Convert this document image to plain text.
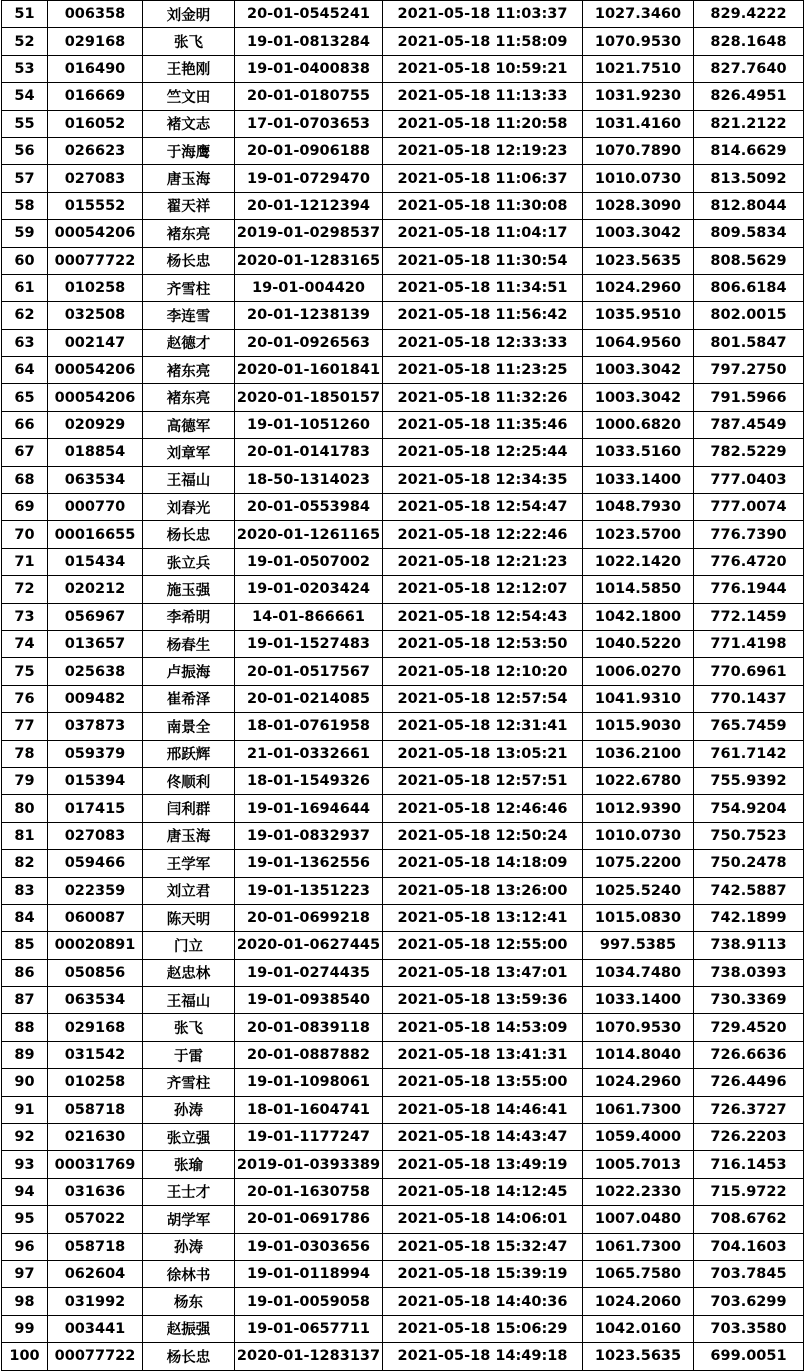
51	006358	刘金明	20-01-0545241	2021-05-18 11:03:37	1027.3460	829.4222
52	029168	张飞	19-01-0813284	2021-05-18 11:58:09	1070.9530	828.1648
53	016490	王艳刚	19-01-0400838	2021-05-18 10:59:21	1021.7510	827.7640
54	016669	竺文田	20-01-0180755	2021-05-18 11:13:33	1031.9230	826.4951
55	016052	褚文志	17-01-0703653	2021-05-18 11:20:58	1031.4160	821.2122
56	026623	于海鹰	20-01-0906188	2021-05-18 12:19:23	1070.7890	814.6629
57	027083	唐玉海	19-01-0729470	2021-05-18 11:06:37	1010.0730	813.5092
58	015552	翟天祥	20-01-1212394	2021-05-18 11:30:08	1028.3090	812.8044
59	00054206	褚东亮	2019-01-0298537	2021-05-18 11:04:17	1003.3042	809.5834
60	00077722	杨长忠	2020-01-1283165	2021-05-18 11:30:54	1023.5635	808.5629
61	010258	齐雪柱	19-01-004420	2021-05-18 11:34:51	1024.2960	806.6184
62	032508	李连雪	20-01-1238139	2021-05-18 11:56:42	1035.9510	802.0015
63	002147	赵德才	20-01-0926563	2021-05-18 12:33:33	1064.9560	801.5847
64	00054206	褚东亮	2020-01-1601841	2021-05-18 11:23:25	1003.3042	797.2750
65	00054206	褚东亮	2020-01-1850157	2021-05-18 11:32:26	1003.3042	791.5966
66	020929	高德军	19-01-1051260	2021-05-18 11:35:46	1000.6820	787.4549
67	018854	刘章军	20-01-0141783	2021-05-18 12:25:44	1033.5160	782.5229
68	063534	王福山	18-50-1314023	2021-05-18 12:34:35	1033.1400	777.0403
69	000770	刘春光	20-01-0553984	2021-05-18 12:54:47	1048.7930	777.0074
70	00016655	杨长忠	2020-01-1261165	2021-05-18 12:22:46	1023.5700	776.7390
71	015434	张立兵	19-01-0507002	2021-05-18 12:21:23	1022.1420	776.4720
72	020212	施玉强	19-01-0203424	2021-05-18 12:12:07	1014.5850	776.1944
73	056967	李希明	14-01-866661	2021-05-18 12:54:43	1042.1800	772.1459
74	013657	杨春生	19-01-1527483	2021-05-18 12:53:50	1040.5220	771.4198
75	025638	卢振海	20-01-0517567	2021-05-18 12:10:20	1006.0270	770.6961
76	009482	崔希泽	20-01-0214085	2021-05-18 12:57:54	1041.9310	770.1437
77	037873	南景全	18-01-0761958	2021-05-18 12:31:41	1015.9030	765.7459
78	059379	邢跃辉	21-01-0332661	2021-05-18 13:05:21	1036.2100	761.7142
79	015394	佟顺利	18-01-1549326	2021-05-18 12:57:51	1022.6780	755.9392
80	017415	闫利群	19-01-1694644	2021-05-18 12:46:46	1012.9390	754.9204
81	027083	唐玉海	19-01-0832937	2021-05-18 12:50:24	1010.0730	750.7523
82	059466	王学军	19-01-1362556	2021-05-18 14:18:09	1075.2200	750.2478
83	022359	刘立君	19-01-1351223	2021-05-18 13:26:00	1025.5240	742.5887
84	060087	陈天明	20-01-0699218	2021-05-18 13:12:41	1015.0830	742.1899
85	00020891	门立	2020-01-0627445	2021-05-18 12:55:00	997.5385	738.9113
86	050856	赵忠林	19-01-0274435	2021-05-18 13:47:01	1034.7480	738.0393
87	063534	王福山	19-01-0938540	2021-05-18 13:59:36	1033.1400	730.3369
88	029168	张飞	20-01-0839118	2021-05-18 14:53:09	1070.9530	729.4520
89	031542	于雷	20-01-0887882	2021-05-18 13:41:31	1014.8040	726.6636
90	010258	齐雪柱	19-01-1098061	2021-05-18 13:55:00	1024.2960	726.4496
91	058718	孙涛	18-01-1604741	2021-05-18 14:46:41	1061.7300	726.3727
92	021630	张立强	19-01-1177247	2021-05-18 14:43:47	1059.4000	726.2203
93	00031769	张瑜	2019-01-0393389	2021-05-18 13:49:19	1005.7013	716.1453
94	031636	王士才	20-01-1630758	2021-05-18 14:12:45	1022.2330	715.9722
95	057022	胡学军	20-01-0691786	2021-05-18 14:06:01	1007.0480	708.6762
96	058718	孙涛	19-01-0303656	2021-05-18 15:32:47	1061.7300	704.1603
97	062604	徐林书	19-01-0118994	2021-05-18 15:39:19	1065.7580	703.7845
98	031992	杨东	19-01-0059058	2021-05-18 14:40:36	1024.2060	703.6299
99	003441	赵振强	19-01-0657711	2021-05-18 15:06:29	1042.0160	703.3580
100	00077722	杨长忠	2020-01-1283137	2021-05-18 14:49:18	1023.5635	699.0051
